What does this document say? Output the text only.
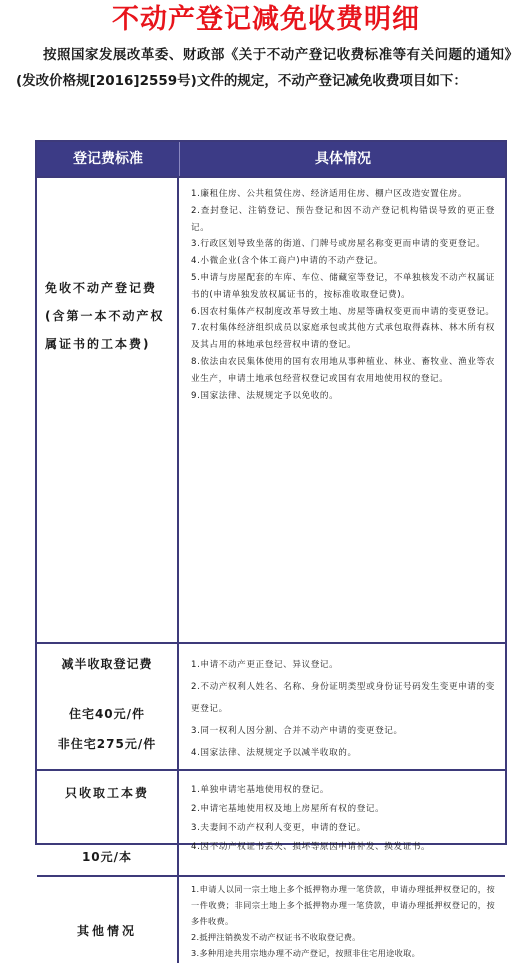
不动产登记减免收费明细
按照国家发展改革委、财政部《关于不动产登记收费标准等有关问题的通知》(发改价格规[2016]2559号)文件的规定，不动产登记减免收费项目如下：
登记费标准	具体情况
免收不动产登记费(含第一本不动产权属证书的工本费)

1.廉租住房、公共租赁住房、经济适用住房、棚户区改造安置住房。

2.查封登记、注销登记、预告登记和因不动产登记机构错误导致的更正登记。

3.行政区划导致坐落的街道、门牌号或房屋名称变更而申请的变更登记。

4.小微企业(含个体工商户)申请的不动产登记。

5.申请与房屋配套的车库、车位、储藏室等登记，不单独核发不动产权属证书的(申请单独发放权属证书的，按标准收取登记费)。

6.因农村集体产权制度改革导致土地、房屋等确权变更而申请的变更登记。

7.农村集体经济组织成员以家庭承包或其他方式承包取得森林、林木所有权及其占用的林地承包经营权申请的登记。

8.依法由农民集体使用的国有农用地从事种植业、林业、畜牧业、渔业等农业生产，申请土地承包经营权登记或国有农用地使用权的登记。

9.国家法律、法规规定予以免收的。

减半收取登记费
住宅40元/件
非住宅275元/件

1.申请不动产更正登记、异议登记。

2.不动产权利人姓名、名称、身份证明类型或身份证号码发生变更申请的变更登记。

3.同一权利人因分割、合并不动产申请的变更登记。

4.国家法律、法规规定予以减半收取的。

只收取工本费
10元/本

1.单独申请宅基地使用权的登记。

2.申请宅基地使用权及地上房屋所有权的登记。

3.夫妻间不动产权利人变更，申请的登记。

4.因不动产权证书丢失、损坏等原因申请补发、换发证书。

其他情况

1.申请人以同一宗土地上多个抵押物办理一笔贷款，申请办理抵押权登记的，按一件收费；非同宗土地上多个抵押物办理一笔贷款，申请办理抵押权登记的，按多件收费。

2.抵押注销换发不动产权证书不收取登记费。

3.多种用途共用宗地办理不动产登记，按照非住宅用途收取。
